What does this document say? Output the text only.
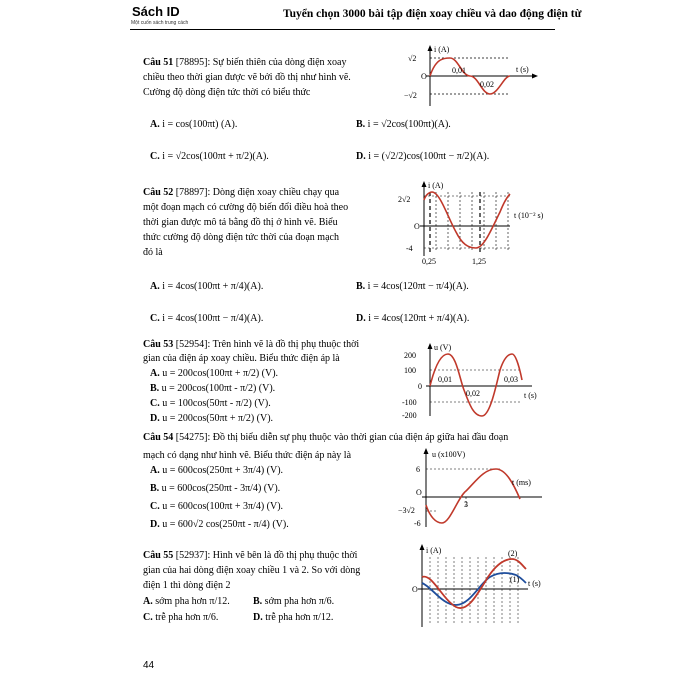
Sách ID
Một cuốn sách trung cách
Tuyển chọn 3000 bài tập điện xoay chiều và dao động điện từ
Câu 51 [78895]: Sự biến thiên của dòng điện xoay
chiều theo thời gian được vẽ bởi đồ thị như hình vẽ.
Cường độ dòng điện tức thời có biểu thức
i (A)
√2
−√2
O
0,01
0,02
t (s)
A. i = cos(100πt) (A).	B. i = √2cos(100πt)(A).
C. i = √2cos(100πt + π/2)(A).	D. i = (√2/2)cos(100πt − π/2)(A).
Câu 52 [78897]: Dòng điện xoay chiều chạy qua
một đoạn mạch có cường độ biến đổi điều hoà theo
thời gian được mô tả bằng đồ thị ở hình vẽ. Biểu
thức cường độ dòng điện tức thời của đoạn mạch
đó là
i (A)
2√2
-4
O
0,25	1,25
t (10⁻² s)
A. i = 4cos(100πt + π/4)(A).	B. i = 4cos(120πt − π/4)(A).
C. i = 4cos(100πt − π/4)(A).	D. i = 4cos(120πt + π/4)(A).
Câu 53 [52954]: Trên hình vẽ là đồ thị phụ thuộc thời
gian của điện áp xoay chiều. Biểu thức điện áp là
A. u = 200cos(100πt + π/2) (V).
B. u = 200cos(100πt - π/2) (V).
C. u = 100cos(50πt - π/2) (V).
D. u = 200cos(50πt + π/2) (V).
u (V)
200
100
0
-100
-200
0,01
0,02
0,03
t (s)
Câu 54 [54275]: Đồ thị biểu diễn sự phụ thuộc vào thời gian của điện áp giữa hai đầu đoạn
mạch có dạng như hình vẽ. Biểu thức điện áp này là
A. u = 600cos(250πt + 3π/4) (V).
B. u = 600cos(250πt - 3π/4) (V).
C. u = 600cos(100πt + 3π/4) (V).
D. u = 600√2 cos(250πt - π/4) (V).
u (x100V)
6
O
−3√2
-6
3
t (ms)
Câu 55 [52937]: Hình vẽ bên là đồ thị phụ thuộc thời
gian của hai dòng điện xoay chiều 1 và 2. So với dòng
điện 1 thì dòng điện 2
A. sớm pha hơn π/12. B. sớm pha hơn π/6.
C. trễ pha hơn π/6.	D. trễ pha hơn π/12.
i (A)
O
(1)
(2)
t (s)
44
